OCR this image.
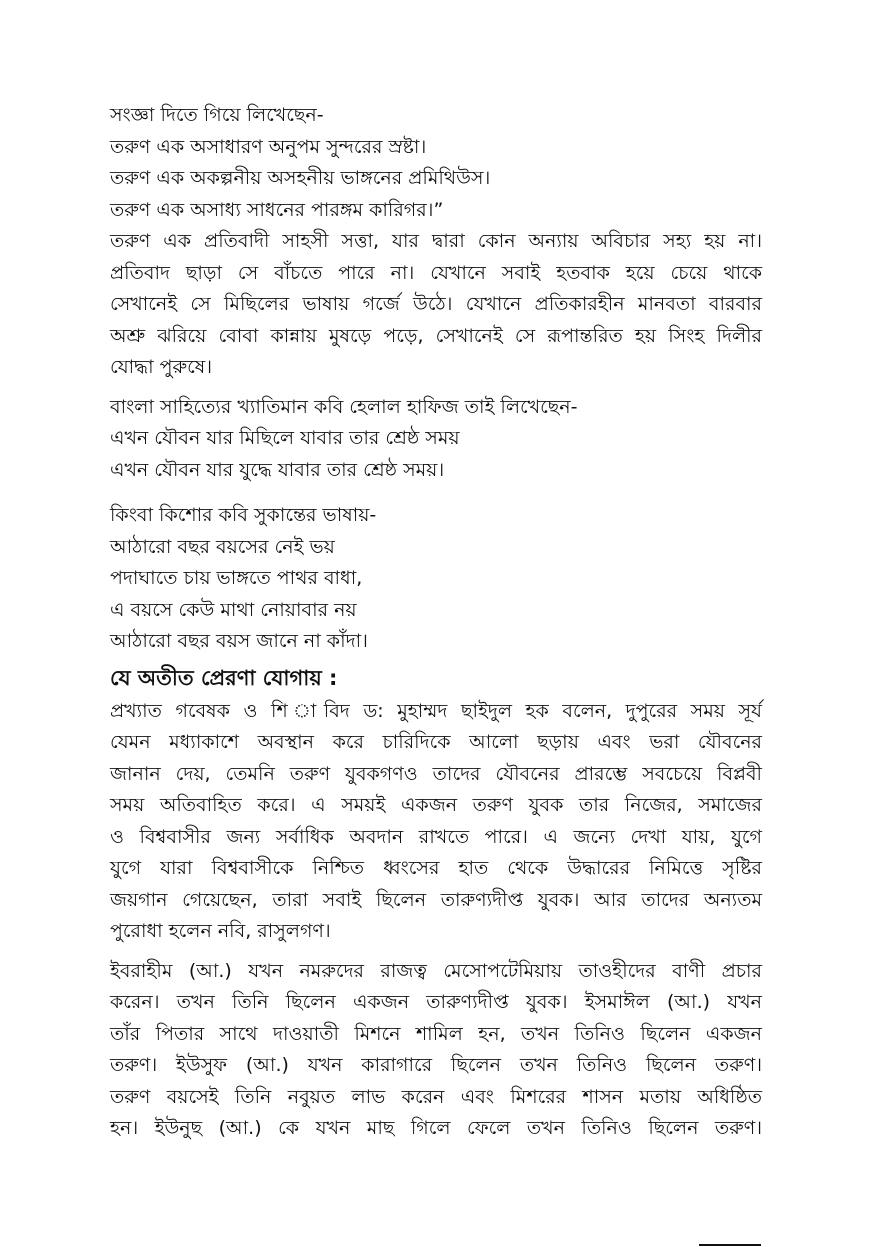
সংজ্ঞা দিতে গিয়ে লিখেছেন-
তরুণ এক অসাধারণ অনুপম সুন্দরের স্রষ্টা।
তরুণ এক অকল্পনীয় অসহনীয় ভাঙ্গনের প্রমিথিউস।
তরুণ এক অসাধ্য সাধনের পারঙ্গম কারিগর।”
তরুণ এক প্রতিবাদী সাহসী সত্তা, যার দ্বারা কোন অন্যায় অবিচার সহ্য হয় না।
প্রতিবাদ ছাড়া সে বাঁচতে পারে না। যেখানে সবাই হতবাক হয়ে চেয়ে থাকে
সেখানেই সে মিছিলের ভাষায় গর্জে উঠে। যেখানে প্রতিকারহীন মানবতা বারবার
অশ্রু ঝরিয়ে বোবা কান্নায় মুষড়ে পড়ে, সেখানেই সে রূপান্তরিত হয় সিংহ দিলীর
যোদ্ধা পুরুষে।
বাংলা সাহিত্যের খ্যাতিমান কবি হেলাল হাফিজ তাই লিখেছেন-
এখন যৌবন যার মিছিলে যাবার তার শ্রেষ্ঠ সময়
এখন যৌবন যার যুদ্ধে যাবার তার শ্রেষ্ঠ সময়।
কিংবা কিশোর কবি সুকান্তের ভাষায়-
আঠারো বছর বয়সের নেই ভয়
পদাঘাতে চায় ভাঙ্গতে পাথর বাধা,
এ বয়সে কেউ মাথা নোয়াবার নয়
আঠারো বছর বয়স জানে না কাঁদা।
যে অতীত প্রেরণা যোগায় :
প্রখ্যাত গবেষক ও শি াবিদ ড: মুহাম্মদ ছাইদুল হক বলেন, দুপুরের সময় সূর্য
যেমন মধ্যাকাশে অবস্থান করে চারিদিকে আলো ছড়ায় এবং ভরা যৌবনের
জানান দেয়, তেমনি তরুণ যুবকগণও তাদের যৌবনের প্রারম্ভে সবচেয়ে বিপ্লবী
সময় অতিবাহিত করে। এ সময়ই একজন তরুণ যুবক তার নিজের, সমাজের
ও বিশ্ববাসীর জন্য সর্বাধিক অবদান রাখতে পারে। এ জন্যে দেখা যায়, যুগে
যুগে যারা বিশ্ববাসীকে নিশ্চিত ধ্বংসের হাত থেকে উদ্ধারের নিমিত্তে সৃষ্টির
জয়গান গেয়েছেন, তারা সবাই ছিলেন তারুণ্যদীপ্ত যুবক। আর তাদের অন্যতম
পুরোধা হলেন নবি, রাসুলগণ।
ইবরাহীম (আ.) যখন নমরুদের রাজত্ব মেসোপটেমিয়ায় তাওহীদের বাণী প্রচার
করেন। তখন তিনি ছিলেন একজন তারুণ্যদীপ্ত যুবক। ইসমাঈল (আ.) যখন
তাঁর পিতার সাথে দাওয়াতী মিশনে শামিল হন, তখন তিনিও ছিলেন একজন
তরুণ। ইউসুফ (আ.) যখন কারাগারে ছিলেন তখন তিনিও ছিলেন তরুণ।
তরুণ বয়সেই তিনি নবুয়ত লাভ করেন এবং মিশরের শাসন মতায় অধিষ্ঠিত
হন। ইউনুছ (আ.) কে যখন মাছ গিলে ফেলে তখন তিনিও ছিলেন তরুণ।
